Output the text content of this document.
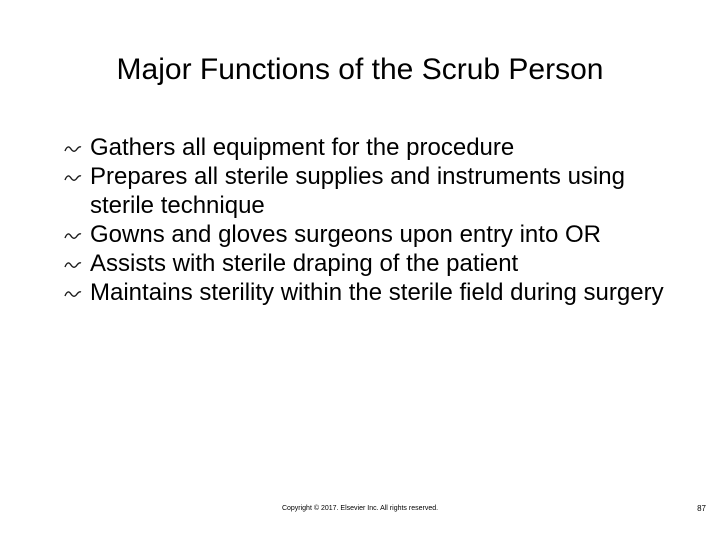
Major Functions of the Scrub Person
Gathers all equipment for the procedure
Prepares all sterile supplies and instruments using sterile technique
Gowns and gloves surgeons upon entry into OR
Assists with sterile draping of the patient
Maintains sterility within the sterile field during surgery
Copyright © 2017. Elsevier Inc. All rights reserved.	87
